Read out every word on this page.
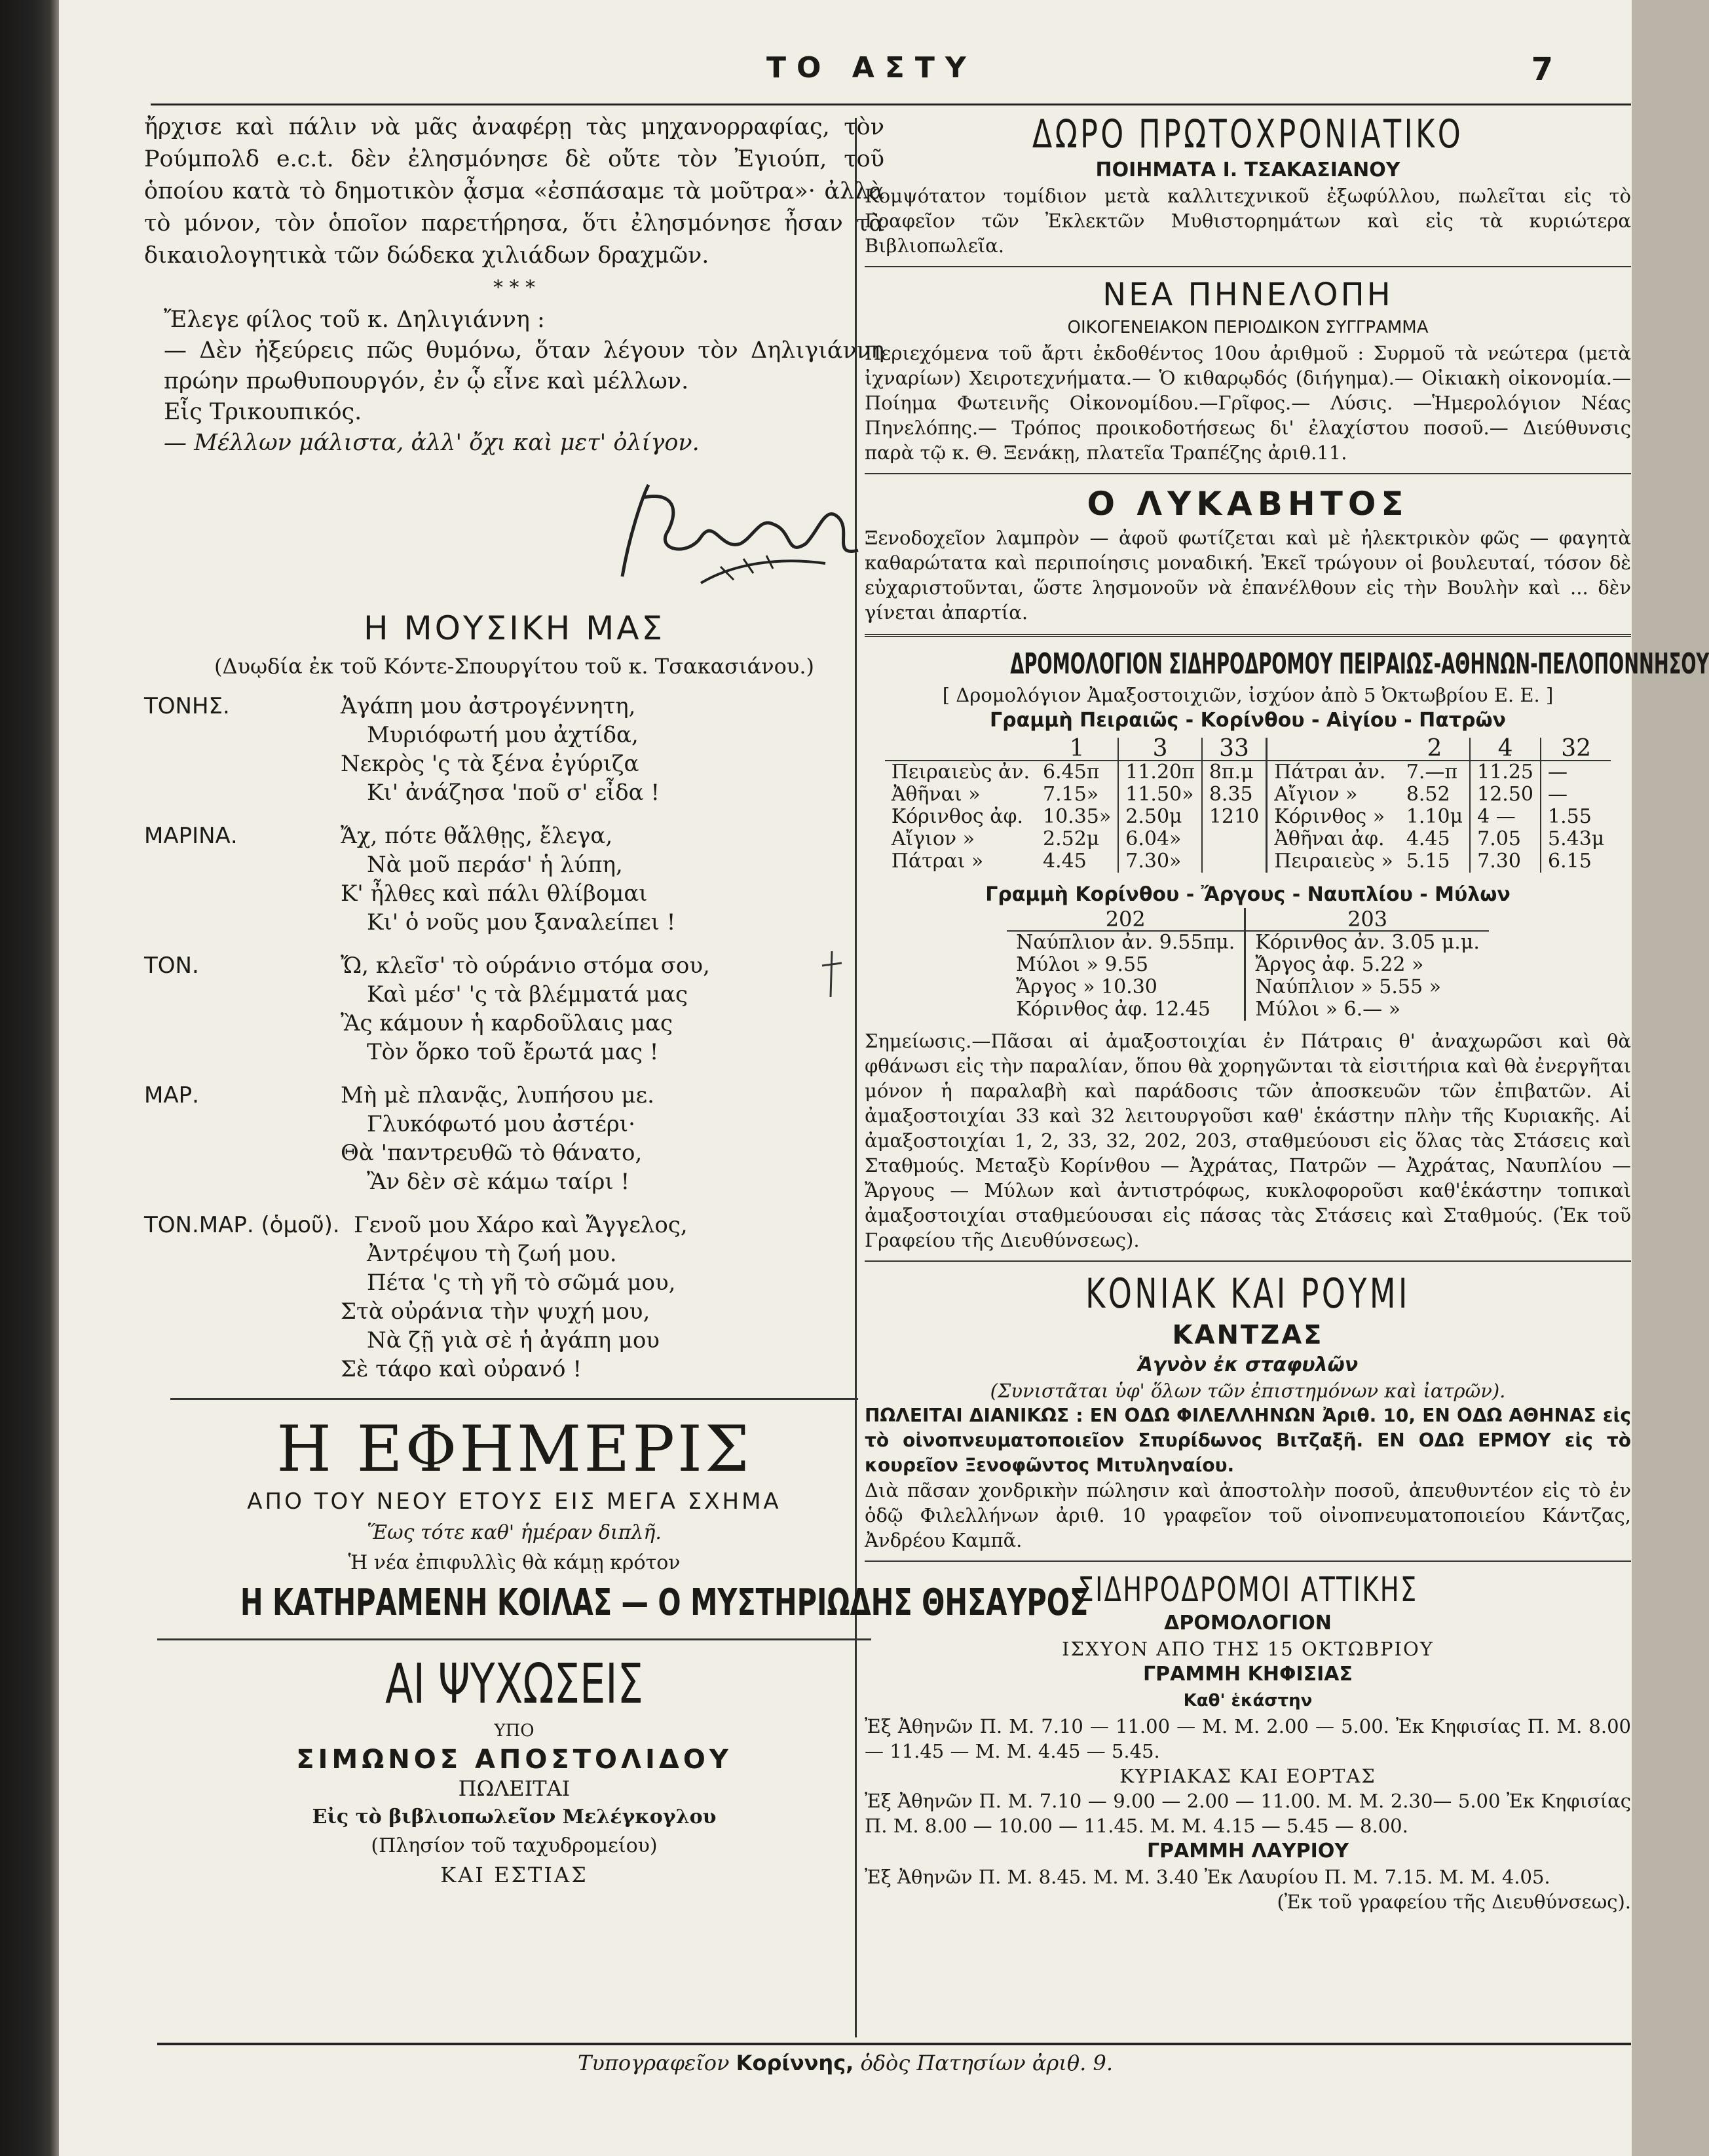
ΤΟ ΑΣΤΥ	7

ἤρχισε καὶ πάλιν νὰ μᾶς ἀναφέρῃ τὰς μηχανορραφίας, τὸν Ρούμπολδ e.c.t. δὲν ἐλησμόνησε δὲ οὔτε τὸν Ἐγιούπ, τοῦ ὁποίου κατὰ τὸ δημοτικὸν ᾆσμα «ἐσπάσαμε τὰ μοῦτρα»· ἀλλὰ τὸ μόνον, τὸν ὁποῖον παρετήρησα, ὅτι ἐλησμόνησε ἦσαν τὰ δικαιολογητικὰ τῶν δώδεκα χιλιάδων δραχμῶν.

* * *

Ἔλεγε φίλος τοῦ κ. Δηλιγιάννη :

— Δὲν ἠξεύρεις πῶς θυμόνω, ὅταν λέγουν τὸν Δηλιγιάννη πρώην πρωθυπουργόν, ἐν ᾧ εἶνε καὶ μέλλων.

Εἷς Τρικουπικός.

— Μέλλων μάλιστα, ἀλλ' ὄχι καὶ μετ' ὀλίγον.

Η ΜΟΥΣΙΚΗ ΜΑΣ
(Δυῳδία ἐκ τοῦ Κόντε-Σπουργίτου τοῦ κ. Τσακασιάνου.)
ΤΟΝΗΣ.	Ἀγάπη μου ἀστρογέννητη,
Μυριόφωτή μου ἀχτίδα,
Νεκρὸς 'ς τὰ ξένα ἐγύριζα
Κι' ἀνάζησα 'ποῦ σ' εἶδα !
ΜΑΡΙΝΑ.	Ἄχ, πότε θἄλθῃς, ἔλεγα,
Νὰ μοῦ περάσ' ἡ λύπη,
Κ' ἦλθες καὶ πάλι θλίβομαι
Κι' ὁ νοῦς μου ξαναλείπει !
ΤΟΝ.	Ὤ, κλεῖσ' τὸ ούράνιο στόμα σου,
Καὶ μέσ' 'ς τὰ βλέμματά μας
Ἂς κάμουν ἡ καρδοῦλαις μας
Τὸν ὅρκο τοῦ ἔρωτά μας !
ΜΑΡ.	Μὴ μὲ πλανᾷς, λυπήσου με.
Γλυκόφωτό μου ἀστέρι·
Θὰ 'παντρευθῶ τὸ θάνατο,
Ἂν δὲν σὲ κάμω ταίρι !
ΤΟΝ.ΜΑΡ. (ὁμοῦ). Γενοῦ μου Χάρο καὶ Ἄγγελος,
Ἀντρέψου τὴ ζωή μου.
Πέτα 'ς τὴ γῆ τὸ σῶμά μου,
Στὰ οὐράνια τὴν ψυχή μου,
Νὰ ζῇ γιὰ σὲ ἡ ἀγάπη μου
Σὲ τάφο καὶ οὐρανό !
Η ΕΦΗΜΕΡΙΣ
ΑΠΟ ΤΟΥ ΝΕΟΥ ΕΤΟΥΣ ΕΙΣ ΜΕΓΑ ΣΧΗΜΑ
Ἕως τότε καθ' ἡμέραν διπλῆ.
Ἡ νέα ἐπιφυλλὶς θὰ κάμῃ κρότον
Η ΚΑΤΗΡΑΜΕΝΗ ΚΟΙΛΑΣ — Ο ΜΥΣΤΗΡΙΩΔΗΣ ΘΗΣΑΥΡΟΣ
ΑΙ ΨΥΧΩΣΕΙΣ
ΥΠΟ
ΣΙΜΩΝΟΣ ΑΠΟΣΤΟΛΙΔΟΥ
ΠΩΛΕΙΤΑΙ
Εἰς τὸ βιβλιοπωλεῖον Μελέγκογλου
(Πλησίον τοῦ ταχυδρομείου)
ΚΑΙ ΕΣΤΙΑΣ
ΔΩΡΟ ΠΡΩΤΟΧΡΟΝΙΑΤΙΚΟ
ΠΟΙΗΜΑΤΑ Ι. ΤΣΑΚΑΣΙΑΝΟΥ

Κομψότατον τομίδιον μετὰ καλλιτεχνικοῦ ἐξωφύλλου, πωλεῖται εἰς τὸ Γραφεῖον τῶν Ἐκλεκτῶν Μυθιστορημάτων καὶ εἰς τὰ κυριώτερα Βιβλιοπωλεῖα.

ΝΕΑ ΠΗΝΕΛΟΠΗ
ΟΙΚΟΓΕΝΕΙΑΚΟΝ ΠΕΡΙΟΔΙΚΟΝ ΣΥΓΓΡΑΜΜΑ

Περιεχόμενα τοῦ ἄρτι ἐκδοθέντος 10ου ἀριθμοῦ : Συρμοῦ τὰ νεώτερα (μετὰ ἰχναρίων) Χειροτεχνήματα.— Ὁ κιθαρῳδός (διήγημα).— Οἰκιακὴ οἰκονομία.— Ποίημα Φωτεινῆς Οἰκονομίδου.—Γρῖφος.— Λύσις. —Ἡμερολόγιον Νέας Πηνελόπης.— Τρόπος προικοδοτήσεως δι' ἐλαχίστου ποσοῦ.— Διεύθυνσις παρὰ τῷ κ. Θ. Ξενάκῃ, πλατεῖα Τραπέζης ἀριθ.11.

Ο ΛΥΚΑΒΗΤΟΣ

Ξενοδοχεῖον λαμπρὸν — ἀφοῦ φωτίζεται καὶ μὲ ἠλεκτρικὸν φῶς — φαγητὰ καθαρώτατα καὶ περιποίησις μοναδική. Ἐκεῖ τρώγουν οἱ βουλευταί, τόσον δὲ εὐχαριστοῦνται, ὥστε λησμονοῦν νὰ ἐπανέλθουν εἰς τὴν Βουλὴν καὶ ... δὲν γίνεται ἀπαρτία.

ΔΡΟΜΟΛΟΓΙΟΝ ΣΙΔΗΡΟΔΡΟΜΟΥ ΠΕΙΡΑΙΩΣ-ΑΘΗΝΩΝ-ΠΕΛΟΠΟΝΝΗΣΟΥ
[ Δρομολόγιον Ἀμαξοστοιχιῶν, ἰσχύον ἀπὸ 5 Ὀκτωβρίου Ε. Ε. ]
Γραμμὴ Πειραιῶς - Κορίνθου - Αἰγίου - Πατρῶν
	1	3	33		2	4	32
Πειραιεὺς ἀν.	6.45π	11.20π	8π.μ	Πάτραι ἀν.	7.—π	11.25	—
Ἀθῆναι »	7.15»	11.50»	8.35	Αἴγιον »	8.52	12.50	—
Κόρινθος ἀφ.	10.35»	2.50μ	1210	Κόρινθος »	1.10μ	4 —	1.55
Αἴγιον »	2.52μ	6.04»		Ἀθῆναι ἀφ.	4.45	7.05	5.43μ
Πάτραι »	4.45	7.30»		Πειραιεὺς »	5.15	7.30	6.15
Γραμμὴ Κορίνθου - Ἄργους - Ναυπλίου - Μύλων
202	203
Ναύπλιον ἀν. 9.55πμ.	Κόρινθος ἀν. 3.05 μ.μ.
Μύλοι » 9.55	Ἄργος ἀφ. 5.22 »
Ἄργος » 10.30	Ναύπλιον » 5.55 »
Κόρινθος ἀφ. 12.45	Μύλοι » 6.— »

Σημείωσις.—Πᾶσαι αἱ ἀμαξοστοιχίαι ἐν Πάτραις θ' ἀναχωρῶσι καὶ θὰ φθάνωσι εἰς τὴν παραλίαν, ὅπου θὰ χορηγῶνται τὰ εἰσιτήρια καὶ θὰ ἐνεργῆται μόνον ἡ παραλαβὴ καὶ παράδοσις τῶν ἀποσκευῶν τῶν ἐπιβατῶν. Αἱ ἀμαξοστοιχίαι 33 καὶ 32 λειτουργοῦσι καθ' ἑκάστην πλὴν τῆς Κυριακῆς. Αἱ ἀμαξοστοιχίαι 1, 2, 33, 32, 202, 203, σταθμεύουσι εἰς ὅλας τὰς Στάσεις καὶ Σταθμούς. Μεταξὺ Κορίνθου — Ἀχράτας, Πατρῶν — Ἀχράτας, Ναυπλίου —Ἄργους — Μύλων καὶ ἀντιστρόφως, κυκλοφοροῦσι καθ'ἑκάστην τοπικαὶ ἀμαξοστοιχίαι σταθμεύουσαι εἰς πάσας τὰς Στάσεις καὶ Σταθμούς. (Ἐκ τοῦ Γραφείου τῆς Διευθύνσεως).

ΚΟΝΙΑΚ ΚΑΙ ΡΟΥΜΙ
ΚΑΝΤΖΑΣ
Ἁγνὸν ἐκ σταφυλῶν
(Συνιστᾶται ὑφ' ὅλων τῶν ἐπιστημόνων καὶ ἰατρῶν).

ΠΩΛΕΙΤΑΙ ΔΙΑΝΙΚΩΣ : ΕΝ ΟΔΩ ΦΙΛΕΛΛΗΝΩΝ Ἀριθ. 10, ΕΝ ΟΔΩ ΑΘΗΝΑΣ εἰς τὸ οἰνοπνευματοποιεῖον Σπυρίδωνος Βιτζαξῆ. ΕΝ ΟΔΩ ΕΡΜΟΥ εἰς τὸ κουρεῖον Ξενοφῶντος Μιτυληναίου.

Διὰ πᾶσαν χονδρικὴν πώλησιν καὶ ἀποστολὴν ποσοῦ, ἀπευθυντέον εἰς τὸ ἐν ὁδῷ Φιλελλήνων ἀριθ. 10 γραφεῖον τοῦ οἰνοπνευματοποιείου Κάντζας, Ἀνδρέου Καμπᾶ.

ΣΙΔΗΡΟΔΡΟΜΟΙ ΑΤΤΙΚΗΣ
ΔΡΟΜΟΛΟΓΙΟΝ
ΙΣΧΥΟΝ ΑΠΟ ΤΗΣ 15 ΟΚΤΩΒΡΙΟΥ
ΓΡΑΜΜΗ ΚΗΦΙΣΙΑΣ
Καθ' ἑκάστην

Ἐξ Ἀθηνῶν Π. Μ. 7.10 — 11.00 — Μ. Μ. 2.00 — 5.00. Ἐκ Κηφισίας Π. Μ. 8.00 — 11.45 — Μ. Μ. 4.45 — 5.45.

ΚΥΡΙΑΚΑΣ ΚΑΙ ΕΟΡΤΑΣ

Ἐξ Ἀθηνῶν Π. Μ. 7.10 — 9.00 — 2.00 — 11.00. Μ. Μ. 2.30— 5.00 Ἐκ Κηφισίας Π. Μ. 8.00 — 10.00 — 11.45. Μ. Μ. 4.15 — 5.45 — 8.00.

ΓΡΑΜΜΗ ΛΑΥΡΙΟΥ

Ἐξ Ἀθηνῶν Π. Μ. 8.45. Μ. Μ. 3.40 Ἐκ Λαυρίου Π. Μ. 7.15. Μ. Μ. 4.05.

(Ἐκ τοῦ γραφείου τῆς Διευθύνσεως).
Τυπογραφεῖον Κορίννης, ὁδὸς Πατησίων ἀριθ. 9.
